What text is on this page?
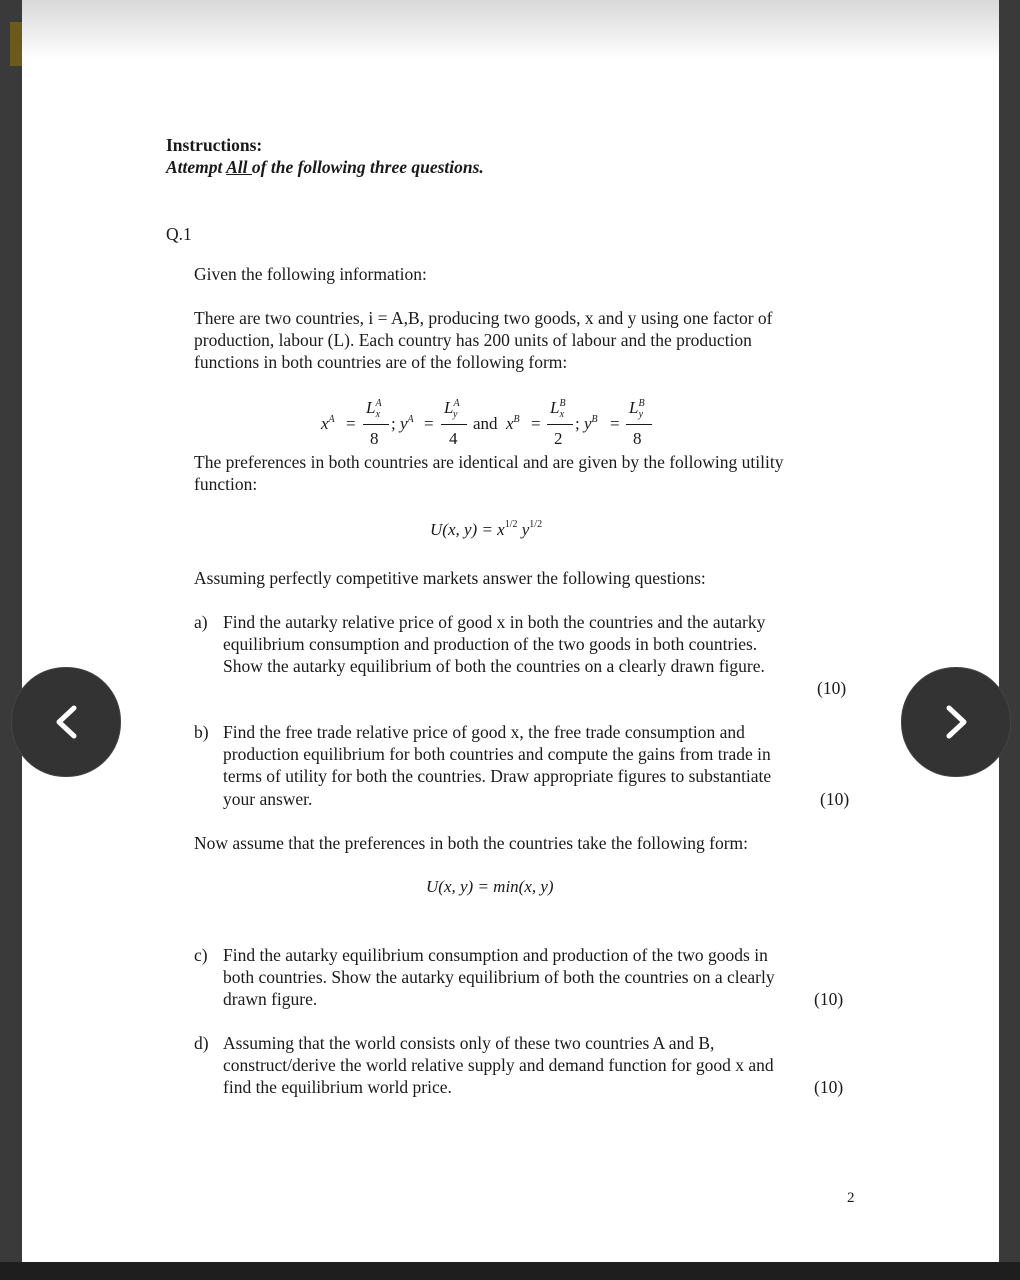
Instructions:
Attempt All of the following three questions.
Q.1
Given the following information:
There are two countries, i = A,B, producing two goods, x and y using one factor of
production, labour (L). Each country has 200 units of labour and the production
functions in both countries are of the following form:
$x^A$ =
$L^A_x$
8
; $y^A$ =
$L^A_y$
4
and $x^B$ =
$L^B_x$
2
; $y^B$ =
$L^B_y$
8
The preferences in both countries are identical and are given by the following utility
function:
U(x, $y) = x^{1/2}$ $y^{1/2}$
Assuming perfectly competitive markets answer the following questions:
a) Find the autarky relative price of good x in both the countries and the autarky
equilibrium consumption and production of the two goods in both countries.
Show the autarky equilibrium of both the countries on a clearly drawn figure.
(10)
b) Find the free trade relative price of good x, the free trade consumption and
production equilibrium for both countries and compute the gains from trade in
terms of utility for both the countries. Draw appropriate figures to substantiate
your answer.	(10)
Now assume that the preferences in both the countries take the following form:
U(x, y) = min(x, y)
c) Find the autarky equilibrium consumption and production of the two goods in
both countries. Show the autarky equilibrium of both the countries on a clearly
drawn figure.	(10)
d) Assuming that the world consists only of these two countries A and B,
construct/derive the world relative supply and demand function for good x and
find the equilibrium world price.	(10)
2
